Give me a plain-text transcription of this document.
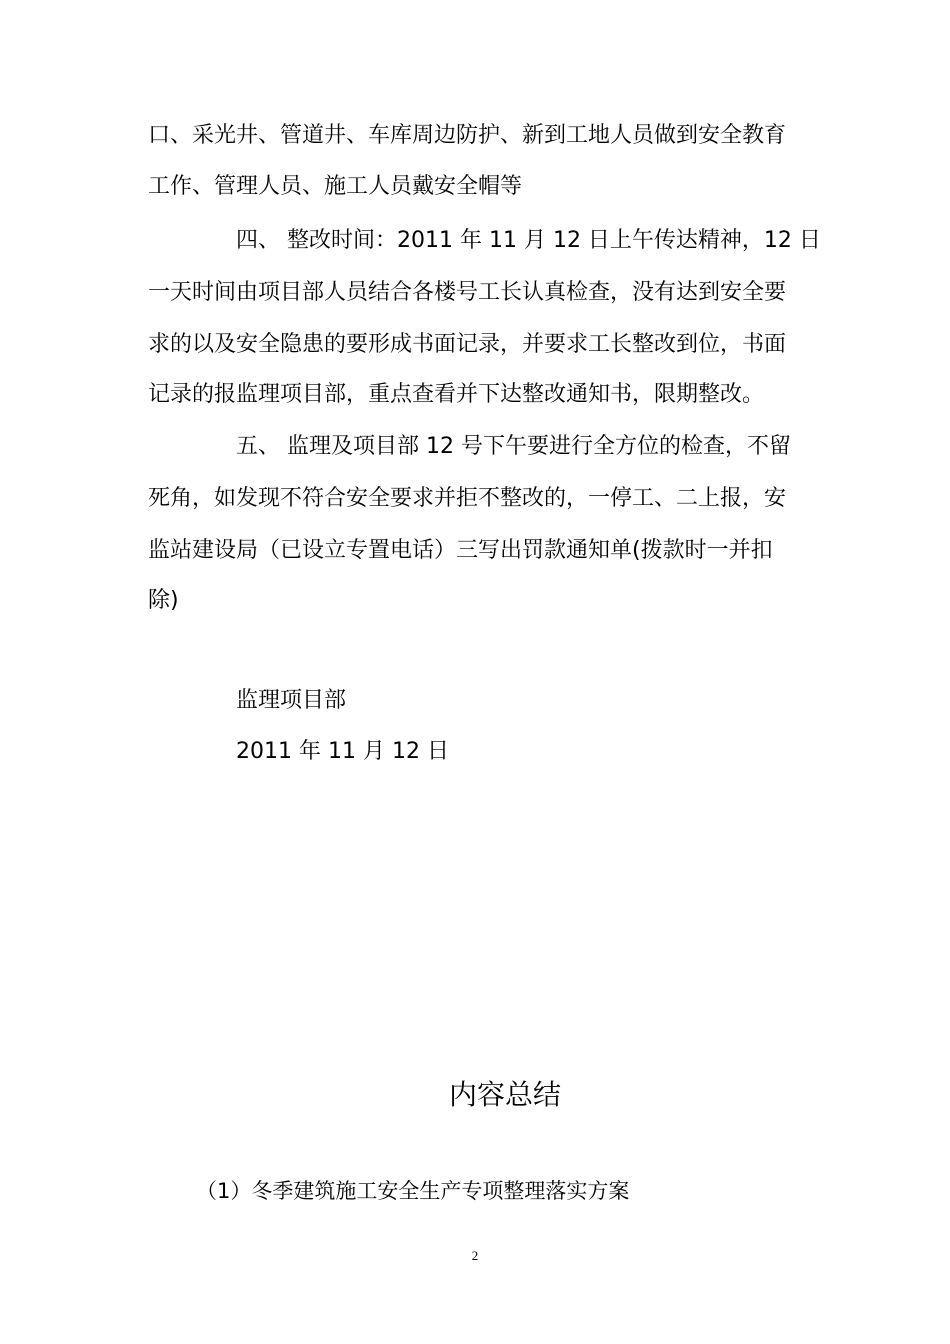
口、采光井、管道井、车库周边防护、新到工地人员做到安全教育
工作、管理人员、施工人员戴安全帽等
四、 整改时间：2011 年 11 月 12 日上午传达精神，12 日
一天时间由项目部人员结合各楼号工长认真检查，没有达到安全要
求的以及安全隐患的要形成书面记录，并要求工长整改到位，书面
记录的报监理项目部，重点查看并下达整改通知书，限期整改。
五、 监理及项目部 12 号下午要进行全方位的检查，不留
死角，如发现不符合安全要求并拒不整改的，一停工、二上报，安
监站建设局（已设立专置电话）三写出罚款通知单(拨款时一并扣
除)
监理项目部
2011 年 11 月 12 日
内容总结
（1）冬季建筑施工安全生产专项整理落实方案
2
